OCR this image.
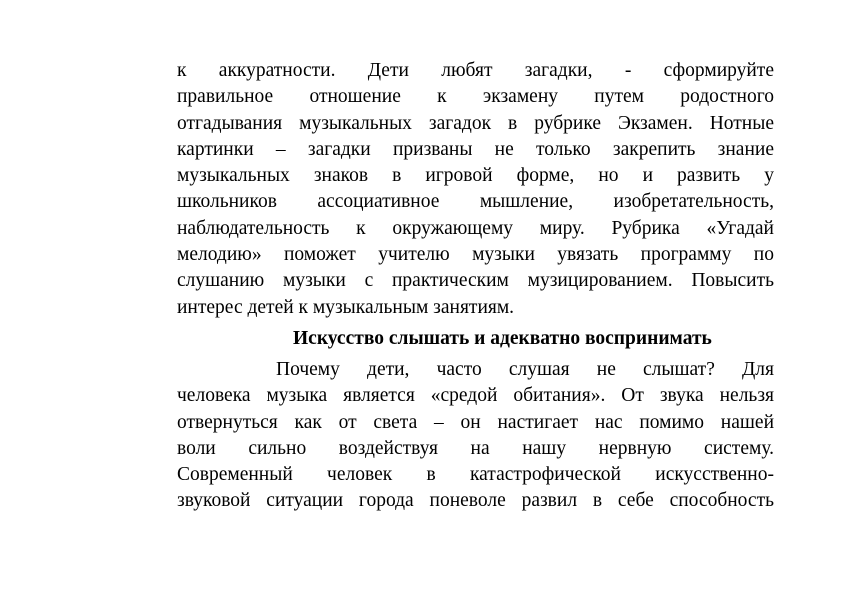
к аккуратности. Дети любят загадки, - сформируйте
правильное отношение к экзамену путем родостного
отгадывания музыкальных загадок в рубрике Экзамен. Нотные
картинки – загадки призваны не только закрепить знание
музыкальных знаков в игровой форме, но и развить у
школьников ассоциативное мышление, изобретательность,
наблюдательность к окружающему миру. Рубрика «Угадай
мелодию» поможет учителю музыки увязать программу по
слушанию музыки с практическим музицированием. Повысить
интерес детей к музыкальным занятиям.
Искусство слышать и адекватно воспринимать
Почему дети, часто слушая не слышат? Для
человека музыка является «средой обитания». От звука нельзя
отвернуться как от света – он настигает нас помимо нашей
воли сильно воздействуя на нашу нервную систему.
Современный человек в катастрофической искусственно-
звуковой ситуации города поневоле развил в себе способность
